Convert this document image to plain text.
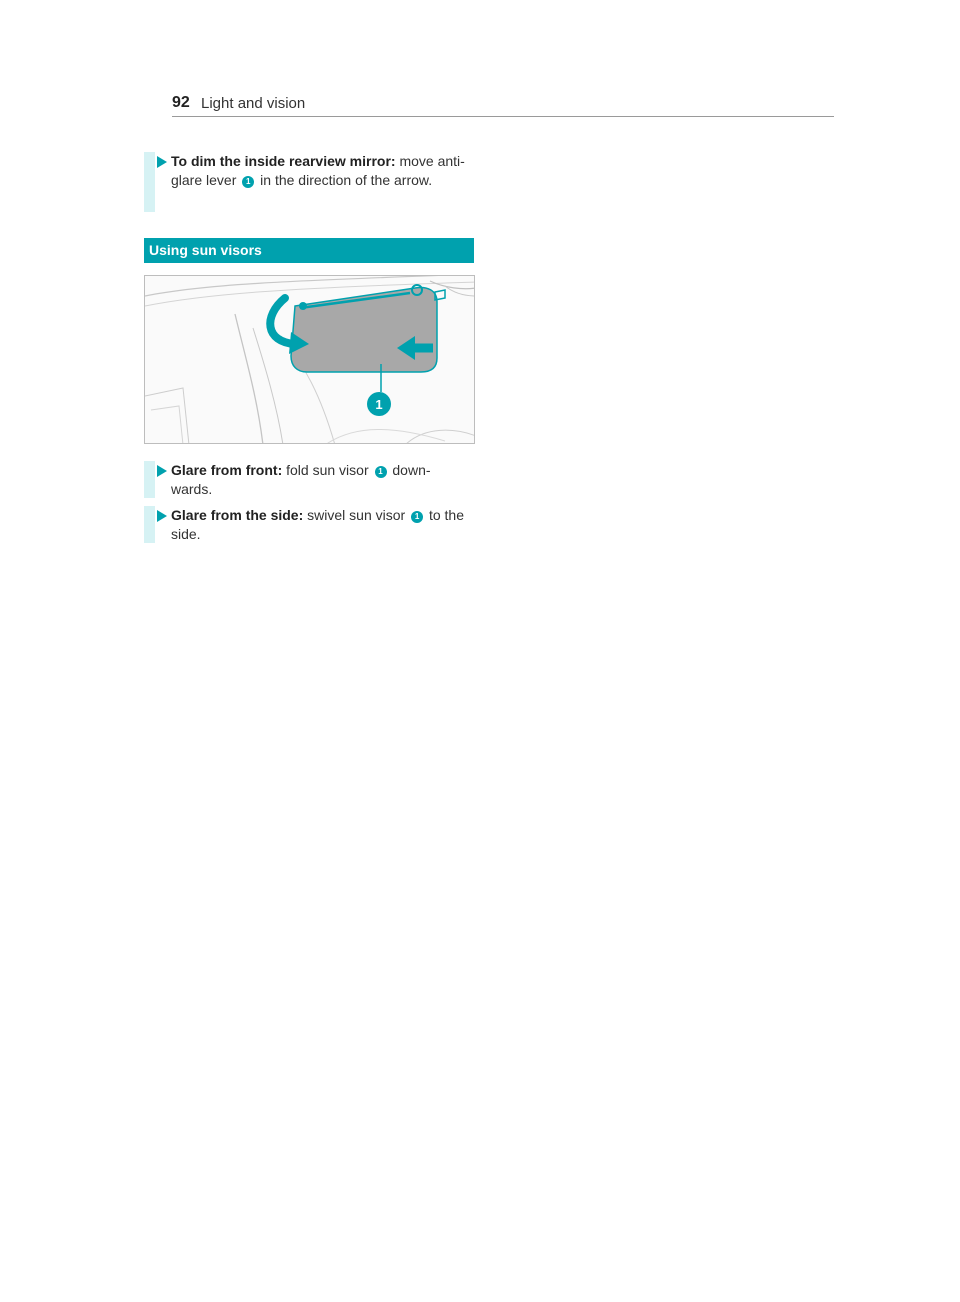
92 Light and vision
To dim the inside rearview mirror: move anti-glare lever 1 in the direction of the arrow.
Using sun visors
1
Glare from front: fold sun visor 1 down-wards.
Glare from the side: swivel sun visor 1 to the side.
